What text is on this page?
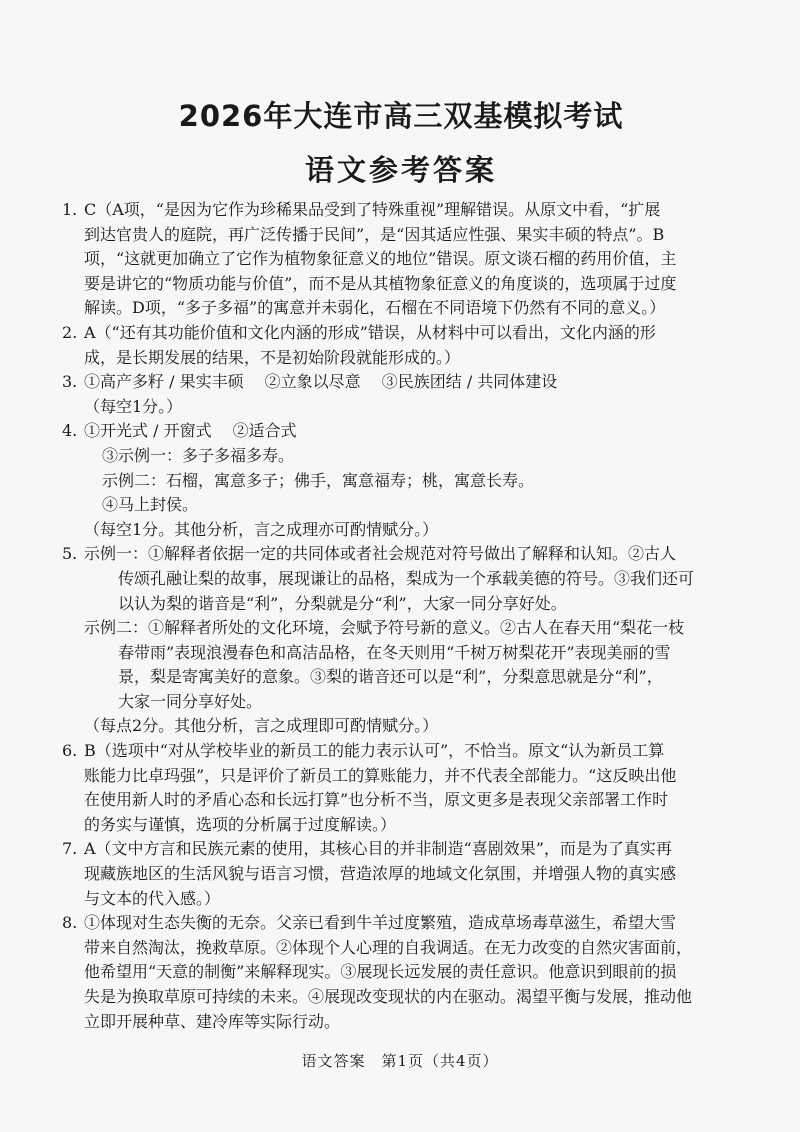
2026年大连市高三双基模拟考试
语文参考答案
1. C（A项，“是因为它作为珍稀果品受到了特殊重视”理解错误。从原文中看，“扩展
到达官贵人的庭院，再广泛传播于民间”，是“因其适应性强、果实丰硕的特点”。B
项，“这就更加确立了它作为植物象征意义的地位”错误。原文谈石榴的药用价值，主
要是讲它的“物质功能与价值”，而不是从其植物象征意义的角度谈的，选项属于过度
解读。D项，“多子多福”的寓意并未弱化，石榴在不同语境下仍然有不同的意义。）
2. A（“还有其功能价值和文化内涵的形成”错误，从材料中可以看出，文化内涵的形
成，是长期发展的结果，不是初始阶段就能形成的。）
3. ①高产多籽 / 果实丰硕　 ②立象以尽意　 ③民族团结 / 共同体建设
（每空1分。）
4. ①开光式 / 开窗式　 ②适合式
③示例一：多子多福多寿。
示例二：石榴，寓意多子；佛手，寓意福寿；桃，寓意长寿。
④马上封侯。
（每空1分。其他分析，言之成理亦可酌情赋分。）
5. 示例一：①解释者依据一定的共同体或者社会规范对符号做出了解释和认知。②古人
传颂孔融让梨的故事，展现谦让的品格，梨成为一个承载美德的符号。③我们还可
以认为梨的谐音是“利”，分梨就是分“利”，大家一同分享好处。
示例二：①解释者所处的文化环境，会赋予符号新的意义。②古人在春天用“梨花一枝
春带雨”表现浪漫春色和高洁品格，在冬天则用“千树万树梨花开”表现美丽的雪
景，梨是寄寓美好的意象。③梨的谐音还可以是“利”，分梨意思就是分“利”，
大家一同分享好处。
（每点2分。其他分析，言之成理即可酌情赋分。）
6. B（选项中“对从学校毕业的新员工的能力表示认可”，不恰当。原文“认为新员工算
账能力比卓玛强”，只是评价了新员工的算账能力，并不代表全部能力。“这反映出他
在使用新人时的矛盾心态和长远打算”也分析不当，原文更多是表现父亲部署工作时
的务实与谨慎，选项的分析属于过度解读。）
7. A（文中方言和民族元素的使用，其核心目的并非制造“喜剧效果”，而是为了真实再
现藏族地区的生活风貌与语言习惯，营造浓厚的地域文化氛围，并增强人物的真实感
与文本的代入感。）
8. ①体现对生态失衡的无奈。父亲已看到牛羊过度繁殖，造成草场毒草滋生，希望大雪
带来自然淘汰，挽救草原。②体现个人心理的自我调适。在无力改变的自然灾害面前，
他希望用“天意的制衡”来解释现实。③展现长远发展的责任意识。他意识到眼前的损
失是为换取草原可持续的未来。④展现改变现状的内在驱动。渴望平衡与发展，推动他
立即开展种草、建冷库等实际行动。
语文答案　第1页（共4页）
